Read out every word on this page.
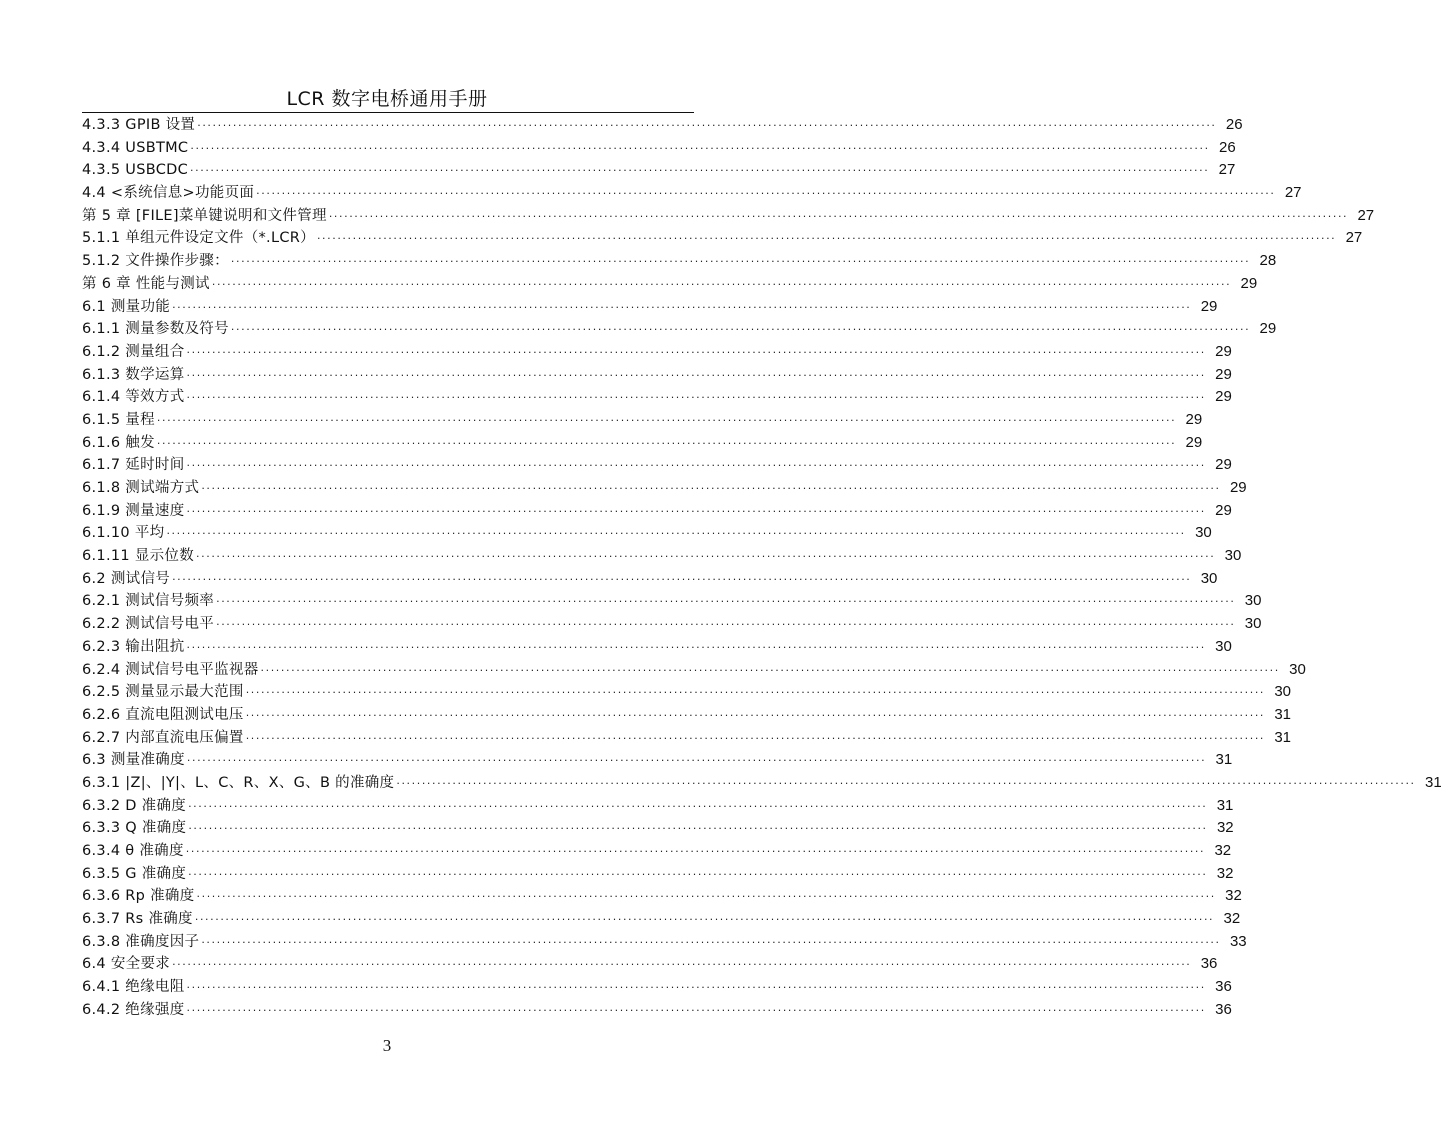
LCR 数字电桥通用手册
4.3.3 GPIB 设置 ········································································································································································································ 26
4.3.4 USBTMC ········································································································································································································ 26
4.3.5 USBCDC ········································································································································································································ 27
4.4 <系统信息>功能页面 ········································································································································································································ 27
第 5 章 [FILE]菜单键说明和文件管理 ········································································································································································································ 27
5.1.1 单组元件设定文件（*.LCR） ········································································································································································································ 27
5.1.2 文件操作步骤： ········································································································································································································ 28
第 6 章 性能与测试 ········································································································································································································ 29
6.1 测量功能 ········································································································································································································ 29
6.1.1 测量参数及符号 ········································································································································································································ 29
6.1.2 测量组合 ········································································································································································································ 29
6.1.3 数学运算 ········································································································································································································ 29
6.1.4 等效方式 ········································································································································································································ 29
6.1.5 量程 ········································································································································································································ 29
6.1.6 触发 ········································································································································································································ 29
6.1.7 延时时间 ········································································································································································································ 29
6.1.8 测试端方式 ········································································································································································································ 29
6.1.9 测量速度 ········································································································································································································ 29
6.1.10 平均 ········································································································································································································ 30
6.1.11 显示位数 ········································································································································································································ 30
6.2 测试信号 ········································································································································································································ 30
6.2.1 测试信号频率 ········································································································································································································ 30
6.2.2 测试信号电平 ········································································································································································································ 30
6.2.3 输出阻抗 ········································································································································································································ 30
6.2.4 测试信号电平监视器 ········································································································································································································ 30
6.2.5 测量显示最大范围 ········································································································································································································ 30
6.2.6 直流电阻测试电压 ········································································································································································································ 31
6.2.7 内部直流电压偏置 ········································································································································································································ 31
6.3 测量准确度 ········································································································································································································ 31
6.3.1 |Z|、|Y|、L、C、R、X、G、B 的准确度 ········································································································································································································ 31
6.3.2 D 准确度 ········································································································································································································ 31
6.3.3 Q 准确度 ········································································································································································································ 32
6.3.4 θ 准确度 ········································································································································································································ 32
6.3.5 G 准确度 ········································································································································································································ 32
6.3.6 Rp 准确度 ········································································································································································································ 32
6.3.7 Rs 准确度 ········································································································································································································ 32
6.3.8 准确度因子 ········································································································································································································ 33
6.4 安全要求 ········································································································································································································ 36
6.4.1 绝缘电阻 ········································································································································································································ 36
6.4.2 绝缘强度 ········································································································································································································ 36
3
